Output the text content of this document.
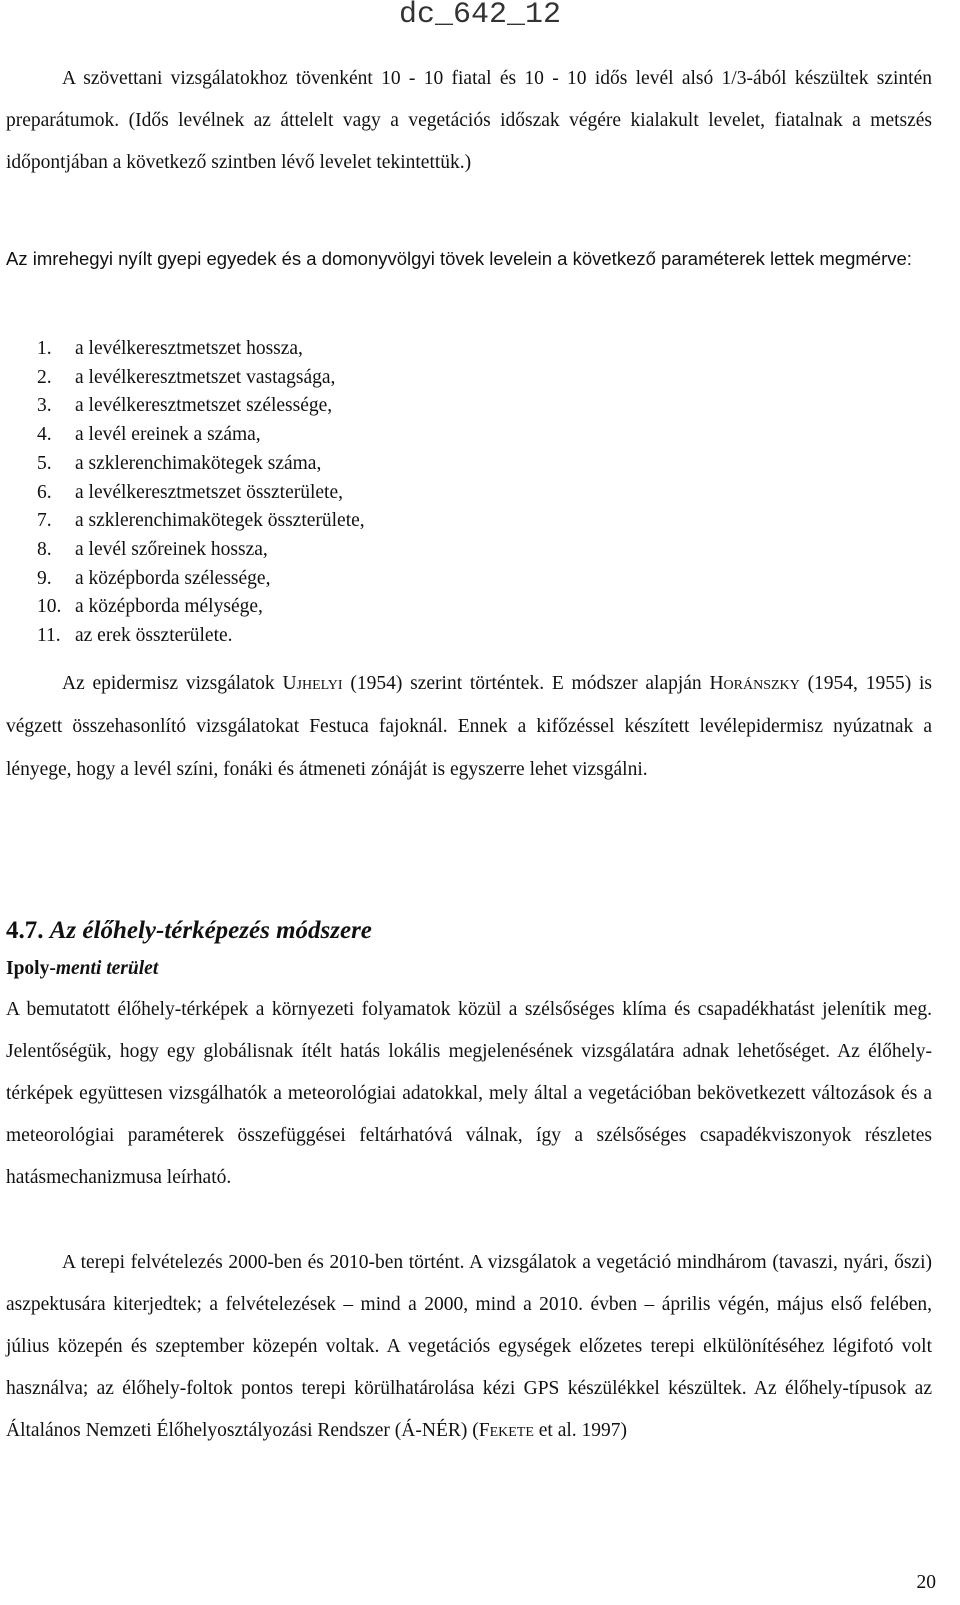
dc_642_12

A szövettani vizsgálatokhoz tövenként 10 - 10 fiatal és 10 - 10 idős levél alsó 1/3-ából készültek szintén preparátumok. (Idős levélnek az áttelelt vagy a vegetációs időszak végére kialakult levelet, fiatalnak a metszés időpontjában a következő szintben lévő levelet tekintettük.)

Az imrehegyi nyílt gyepi egyedek és a domonyvölgyi tövek levelein a következő paraméterek lettek megmérve:

1. a levélkeresztmetszet hossza,
2. a levélkeresztmetszet vastagsága,
3. a levélkeresztmetszet szélessége,
4. a levél ereinek a száma,
5. a szklerenchimakötegek száma,
6. a levélkeresztmetszet összterülete,
7. a szklerenchimakötegek összterülete,
8. a levél szőreinek hossza,
9. a középborda szélessége,
10. a középborda mélysége,
11. az erek összterülete.

Az epidermisz vizsgálatok Ujhelyi (1954) szerint történtek. E módszer alapján Horánszky (1954, 1955) is végzett összehasonlító vizsgálatokat Festuca fajoknál. Ennek a kifőzéssel készített levélepidermisz nyúzatnak a lényege, hogy a levél színi, fonáki és átmeneti zónáját is egyszerre lehet vizsgálni.

4.7. Az élőhely-térképezés módszere
Ipoly-menti terület

A bemutatott élőhely-térképek a környezeti folyamatok közül a szélsőséges klíma és csapadékhatást jelenítik meg. Jelentőségük, hogy egy globálisnak ítélt hatás lokális megjelenésének vizsgálatára adnak lehetőséget. Az élőhely-térképek együttesen vizsgálhatók a meteorológiai adatokkal, mely által a vegetációban bekövetkezett változások és a meteorológiai paraméterek összefüggései feltárhatóvá válnak, így a szélsőséges csapadékviszonyok részletes hatásmechanizmusa leírható.

A terepi felvételezés 2000-ben és 2010-ben történt. A vizsgálatok a vegetáció mindhárom (tavaszi, nyári, őszi) aszpektusára kiterjedtek; a felvételezések – mind a 2000, mind a 2010. évben – április végén, május első felében, július közepén és szeptember közepén voltak. A vegetációs egységek előzetes terepi elkülönítéséhez légifotó volt használva; az élőhely-foltok pontos terepi körülhatárolása kézi GPS készülékkel készültek. Az élőhely-típusok az Általános Nemzeti Élőhelyosztályozási Rendszer (Á-NÉR) (Fekete et al. 1997)

20
